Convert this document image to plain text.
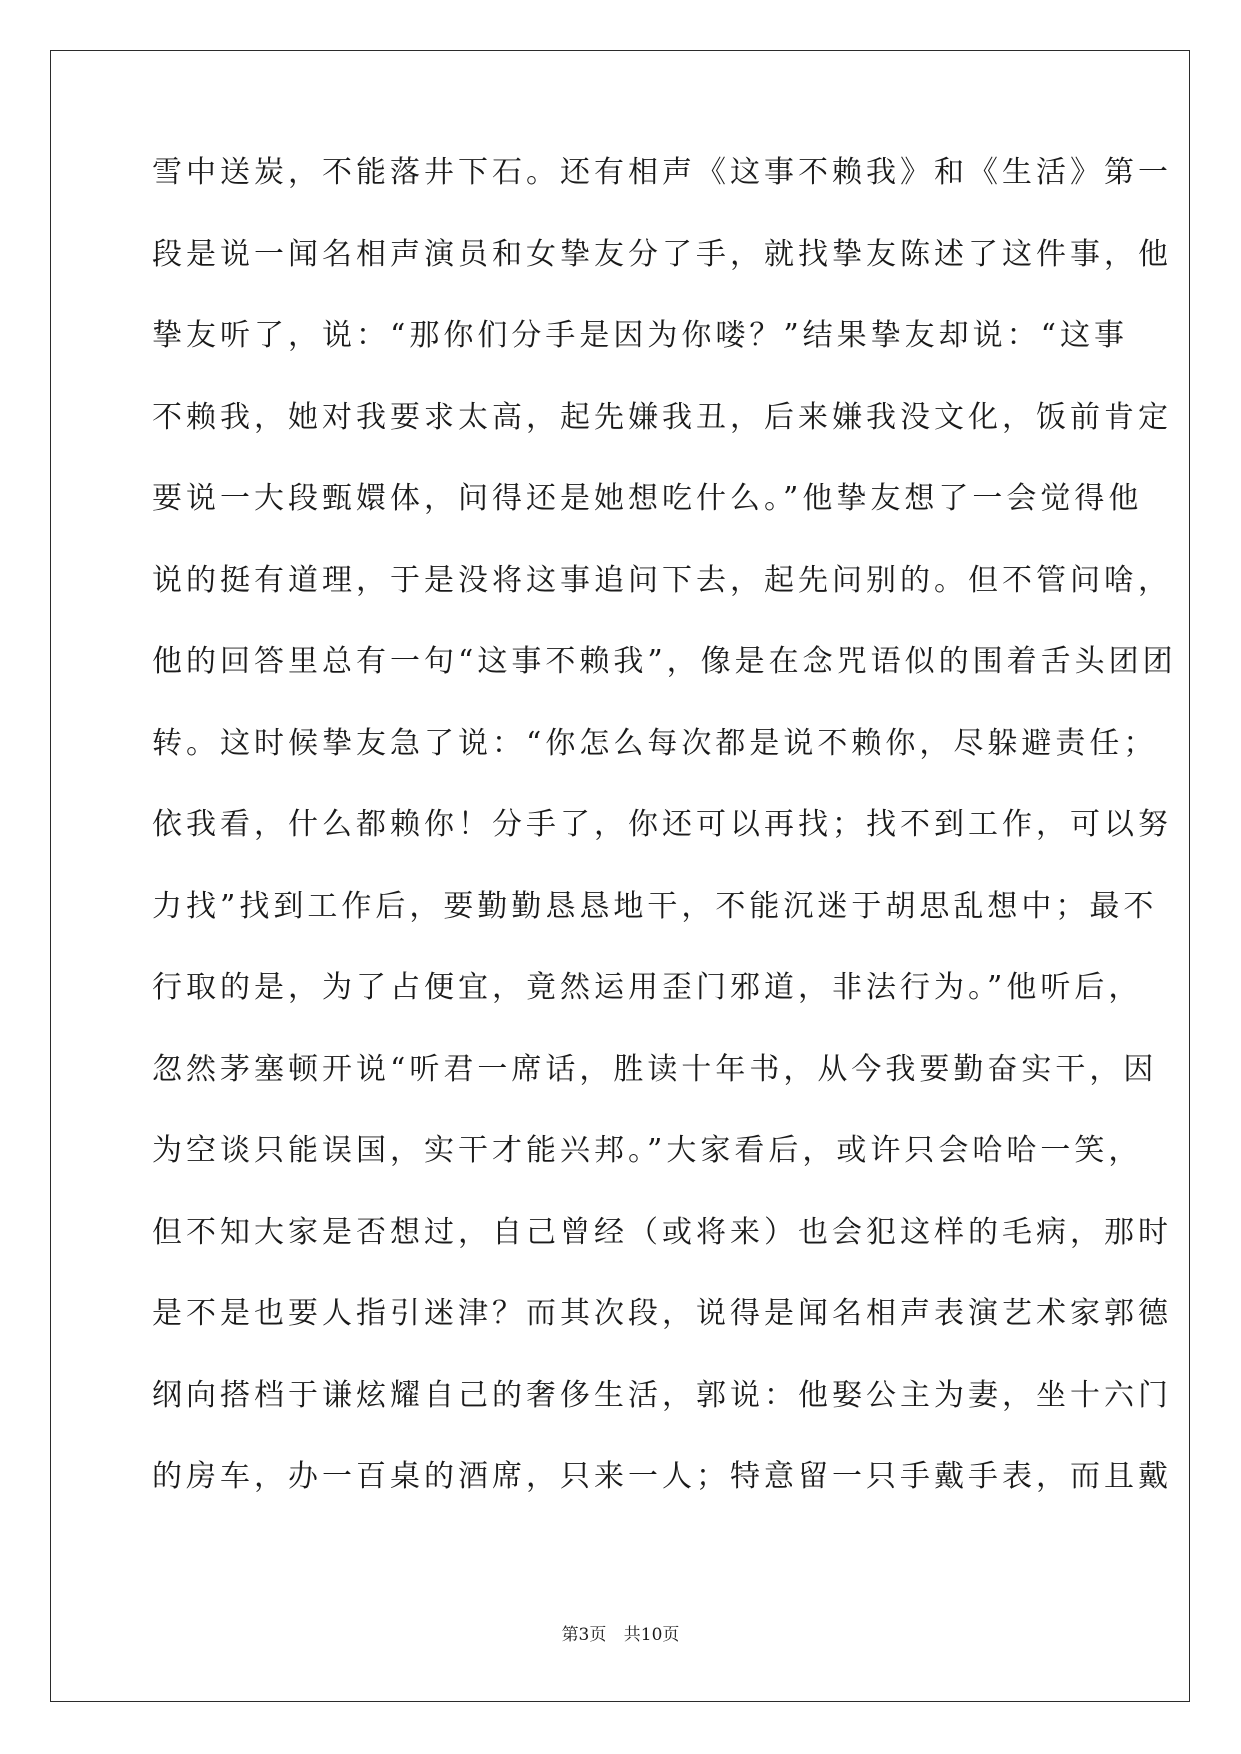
雪中送炭，不能落井下石。还有相声《这事不赖我》和《生活》第一
段是说一闻名相声演员和女挚友分了手，就找挚友陈述了这件事，他
挚友听了，说：“那你们分手是因为你喽？”结果挚友却说：“这事
不赖我，她对我要求太高，起先嫌我丑，后来嫌我没文化，饭前肯定
要说一大段甄嬛体，问得还是她想吃什么。”他挚友想了一会觉得他
说的挺有道理，于是没将这事追问下去，起先问别的。但不管问啥，
他的回答里总有一句“这事不赖我”，像是在念咒语似的围着舌头团团
转。这时候挚友急了说：“你怎么每次都是说不赖你，尽躲避责任；
依我看，什么都赖你！分手了，你还可以再找；找不到工作，可以努
力找”找到工作后，要勤勤恳恳地干，不能沉迷于胡思乱想中；最不
行取的是，为了占便宜，竟然运用歪门邪道，非法行为。”他听后，
忽然茅塞顿开说“听君一席话，胜读十年书，从今我要勤奋实干，因
为空谈只能误国，实干才能兴邦。”大家看后，或许只会哈哈一笑，
但不知大家是否想过，自己曾经（或将来）也会犯这样的毛病，那时
是不是也要人指引迷津？而其次段，说得是闻名相声表演艺术家郭德
纲向搭档于谦炫耀自己的奢侈生活，郭说：他娶公主为妻，坐十六门
的房车，办一百桌的酒席，只来一人；特意留一只手戴手表，而且戴
第3页 共10页
